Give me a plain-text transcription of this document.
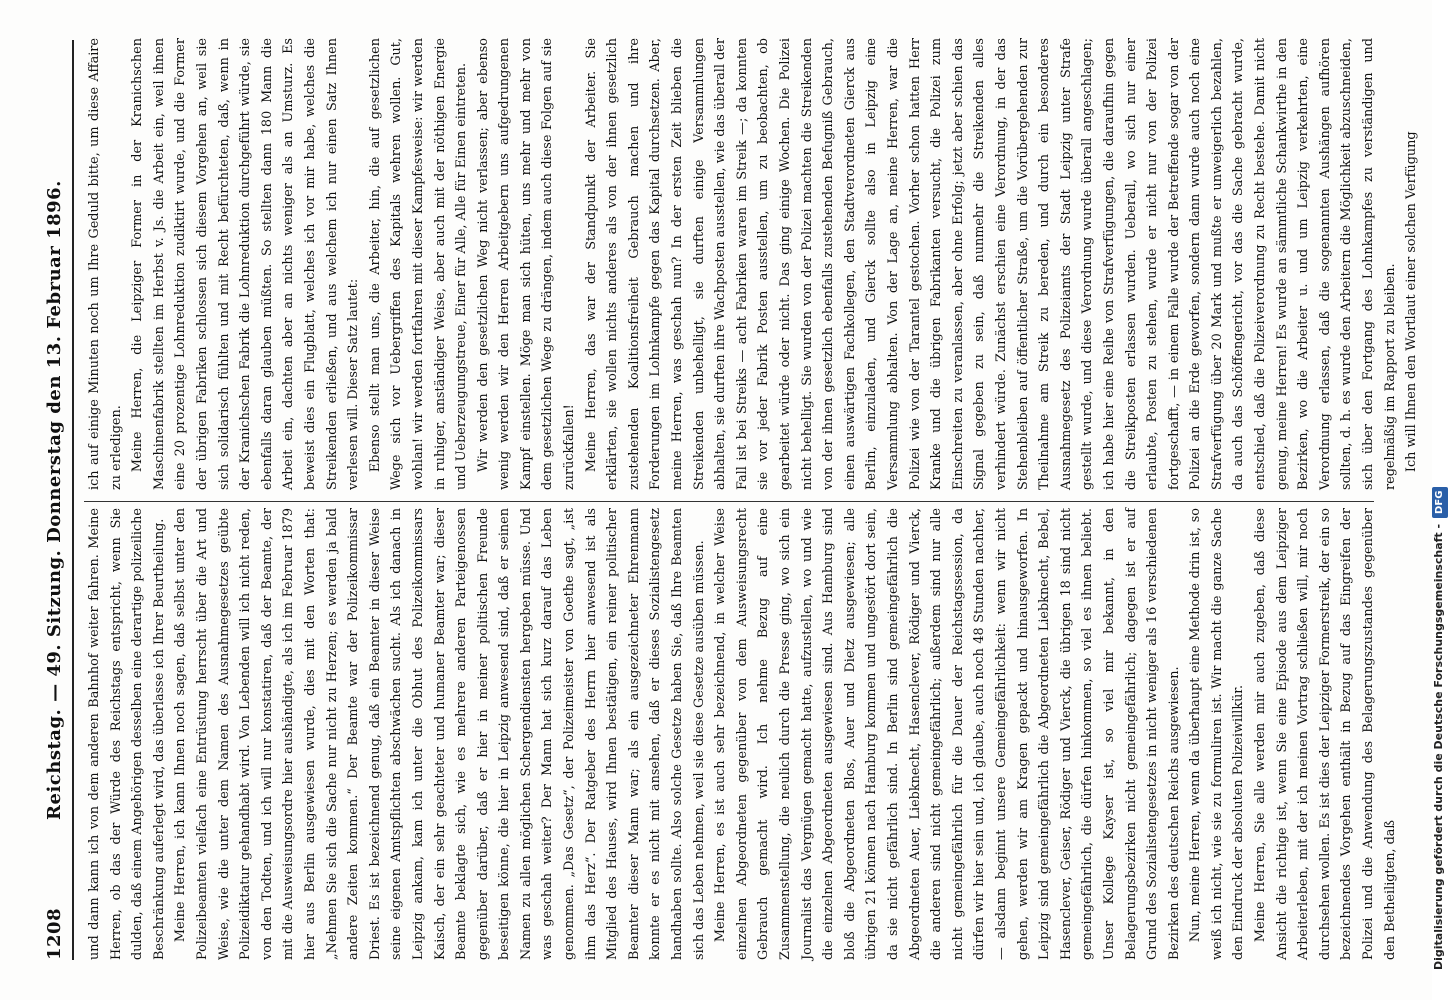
1208
Reichstag. — 49. Sitzung. Donnerstag den 13. Februar 1896. und dann kann ich von dem anderen Bahnhof weiter fahren. Meine Herren, ob das der Würde des Reichstags entspricht, wenn Sie dulden, daß einem Angehörigen desselben eine derartige polizeiliche Beschränkung auferlegt wird, das überlasse ich Ihrer Beurtheilung. Meine Herren, ich kann Ihnen noch sagen, daß selbst unter den Polizeibeamten vielfach eine Entrüstung herrscht über die Art und Weise, wie die unter dem Namen des Ausnahmegesetzes geübte Polizeidiktatur gehandhabt wird. Von Lebenden will ich nicht reden, von den Todten, und ich will nur konstatiren, daß der Beamte, der mit die Ausweisungsordre hier aushändigte, als ich im Februar 1879 hier aus Berlin ausgewiesen wurde, dies mit den Worten that: „Nehmen Sie sich die Sache nur nicht zu Herzen; es werden ja bald andere Zeiten kommen.“ Der Beamte war der Polizeikommissar Driest. Es ist bezeichnend genug, daß ein Beamter in dieser Weise seine eigenen Amtspflichten abschwächen sucht. Als ich danach in Leipzig ankam, kam ich unter die Obhut des Polizeikommissars Kaisch, der ein sehr geachteter und humaner Beamter war; dieser Beamte beklagte sich, wie es mehrere anderen Parteigenossen gegenüber darüber, daß er hier in meiner politischen Freunde beseitigen könne, die hier in Leipzig anwesend sind, daß er seinen Namen zu allen möglichen Schergendiensten hergeben müsse. Und was geschah weiter? Der Mann hat sich kurz darauf das Leben genommen. „Das Gesetz“, der Polizeimeister von Goethe sagt, „ist ihm das Herz“. Der Ratgeber des Herrn hier anwesend ist als Mitglied des Hauses, wird Ihnen bestätigen, ein reiner politischer Beamter dieser Mann war; als ein ausgezeichneter Ehrenmann konnte er es nicht mit ansehen, daß er dieses Sozialistengesetz handhaben sollte. Also solche Gesetze haben Sie, daß Ihre Beamten sich das Leben nehmen, weil sie diese Gesetze ausüben müssen. Meine Herren, es ist auch sehr bezeichnend, in welcher Weise einzelnen Abgeordneten gegenüber von dem Ausweisungsrecht Gebrauch gemacht wird. Ich nehme Bezug auf eine Zusammenstellung, die neulich durch die Presse ging, wo sich ein Journalist das Vergnügen gemacht hatte, aufzustellen, wo und wie die einzelnen Abgeordneten ausgewiesen sind. Aus Hamburg sind bloß die Abgeordneten Blos, Auer und Dietz ausgewiesen; alle übrigen 21 können nach Hamburg kommen und ungestört dort sein, da sie nicht gefährlich sind. In Berlin sind gemeingefährlich die Abgeordneten Auer, Liebknecht, Hasenclever, Rödiger und Vierck, die anderen sind nicht gemeingefährlich; außerdem sind nur alle nicht gemeingefährlich für die Dauer der Reichstagssession, da dürfen wir hier sein und, ich glaube, auch noch 48 Stunden nachher, — alsdann beginnt unsere Gemeingefährlichkeit: wenn wir nicht gehen, werden wir am Kragen gepackt und hinausgeworfen. In Leipzig sind gemeingefährlich die Abgeordneten Liebknecht, Bebel, Hasenclever, Geiser, Rödiger und Vierck, die übrigen 18 sind nicht gemeingefährlich, die dürfen hinkommen, so viel es ihnen beliebt. Unser Kollege Kayser ist, so viel mir bekannt, in den Belagerungsbezirken nicht gemeingefährlich; dagegen ist er auf Grund des Sozialistengesetzes in nicht weniger als 16 verschiedenen Bezirken des deutschen Reichs ausgewiesen. Nun, meine Herren, wenn da überhaupt eine Methode drin ist, so weiß ich nicht, wie sie zu formuliren ist. Wir macht die ganze Sache den Eindruck der absoluten Polizeiwillkür. Meine Herren, Sie alle werden mir auch zugeben, daß diese Ansicht die richtige ist, wenn Sie eine Episode aus dem Leipziger Arbeiterleben, mit der ich meinen Vortrag schließen will, mir noch durchsehen wollen. Es ist dies der Leipziger Formerstreik, der ein so bezeichnendes Vorgehen enthält in Bezug auf das Eingreifen der Polizei und die Anwendung des Belagerungszustandes gegenüber den Betheiligten, daß

ich auf einige Minuten noch um Ihre Geduld bitte, um diese Affaire zu erledigen. Meine Herren, die Leipziger Former in der Kranichschen Maschinenfabrik stellten im Herbst v. Js. die Arbeit ein, weil ihnen eine 20 prozentige Lohnreduktion zudiktirt wurde, und die Former der übrigen Fabriken schlossen sich diesem Vorgehen an, weil sie sich solidarisch fühlten und mit Recht befürchteten, daß, wenn in der Kranichschen Fabrik die Lohnreduktion durchgeführt würde, sie ebenfalls daran glauben müßten. So stellten dann 180 Mann die Arbeit ein, dachten aber an nichts weniger als an Umsturz. Es beweist dies ein Flugblatt, welches ich vor mir habe, welches die Streikenden erließen, und aus welchem ich nur einen Satz Ihnen verlesen will. Dieser Satz lautet: Ebenso stellt man uns, die Arbeiter, hin, die auf gesetzlichen Wege sich vor Uebergriffen des Kapitals wehren wollen. Gut, wohlan! wir werden fortfahren mit dieser Kampfesweise: wir werden in ruhiger, anständiger Weise, aber auch mit der nöthigen Energie und Ueberzeugungstreue, Einer für Alle, Alle für Einen eintreten. Wir werden den gesetzlichen Weg nicht verlassen; aber ebenso wenig werden wir den Herren Arbeitgebern uns aufgedrungenen Kampf einstellen. Möge man sich hüten, uns mehr und mehr von dem gesetzlichen Wege zu drängen, indem auch diese Folgen auf sie zurückfallen! Meine Herren, das war der Standpunkt der Arbeiter. Sie erklärten, sie wollen nichts anderes als von der ihnen gesetzlich zustehenden Koalitionsfreiheit Gebrauch machen und ihre Forderungen im Lohnkampfe gegen das Kapital durchsetzen. Aber, meine Herren, was geschah nun? In der ersten Zeit blieben die Streikenden unbehelligt, sie durften einige Versammlungen abhalten, sie durften ihre Wachposten ausstellen, wie das überall der Fall ist bei Streiks — acht Fabriken waren im Streik —; da konnten sie vor jeder Fabrik Posten ausstellen, um zu beobachten, ob gearbeitet würde oder nicht. Das ging einige Wochen. Die Polizei nicht behelligt. Sie wurden von der Polizei machten die Streikenden von der ihnen gesetzlich ebenfalls zustehenden Befugniß Gebrauch, einen auswärtigen Fachkollegen, den Stadtverordneten Gierck aus Berlin, einzuladen, und Gierck sollte also in Leipzig eine Versammlung abhalten. Von der Lage an, meine Herren, war die Polizei wie von der Tarantel gestochen. Vorher schon hatten Herr Kranke und die übrigen Fabrikanten versucht, die Polizei zum Einschreiten zu veranlassen, aber ohne Erfolg; jetzt aber schien das Signal gegeben zu sein, daß nunmehr die Streikenden alles verhindert würde. Zunächst erschien eine Verordnung, in der das Stehenbleiben auf öffentlicher Straße, um die Vorübergehenden zur Theilnahme am Streik zu bereden, und durch ein besonderes Ausnahmegesetz des Polizeiamts der Stadt Leipzig unter Strafe gestellt wurde, und diese Verordnung wurde überall angeschlagen; ich habe hier eine Reihe von Strafverfügungen, die daraufhin gegen die Streikposten erlassen wurden. Ueberall, wo sich nur einer erlaubte, Posten zu stehen, wurde er nicht nur von der Polizei fortgeschafft, — in einem Falle wurde der Betreffende sogar von der Polizei an die Erde geworfen, sondern dann wurde auch noch eine Strafverfügung über 20 Mark und mußte er unweigerlich bezahlen, da auch das Schöffengericht, vor das die Sache gebracht wurde, entschied, daß die Polizeiverordnung zu Recht bestehe. Damit nicht genug, meine Herren! Es wurde an sämmtliche Schankwirthe in den Bezirken, wo die Arbeiter u. und um Leipzig verkehrten, eine Verordnung erlassen, daß die sogenannten Aushängen aufhören sollten, d. h. es wurde den Arbeitern die Möglichkeit abzuschneiden, sich über den Fortgang des Lohnkampfes zu verständigen und regelmäßig im Rapport zu bleiben. Ich will Ihnen den Wortlaut einer solchen Verfügung

Digitalisierung gefördert durch die Deutsche Forschungsgemeinschaft -DFG
